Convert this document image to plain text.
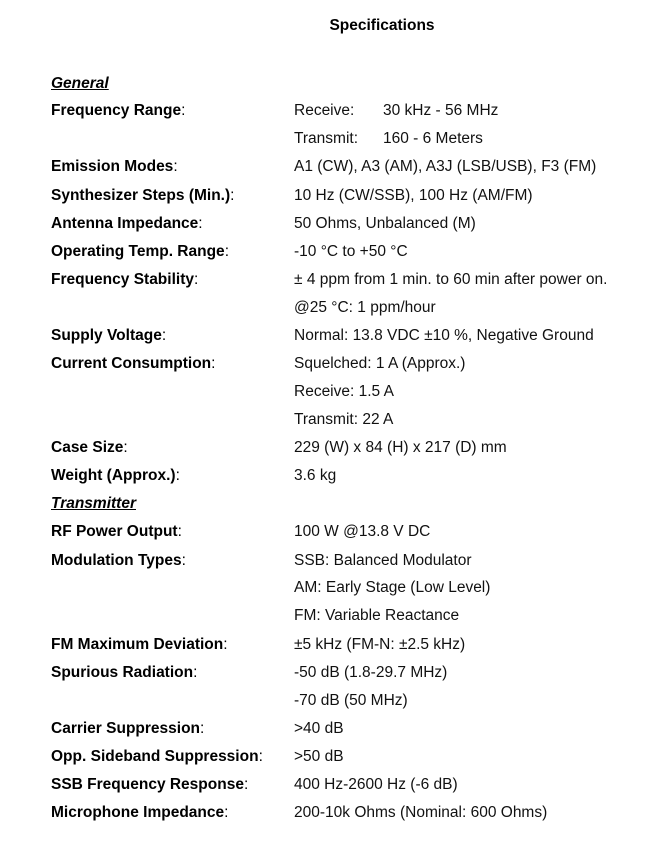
Specifications
General
Frequency Range:	Receive: 30 kHz - 56 MHz
Transmit: 160 - 6 Meters
Emission Modes:	A1 (CW), A3 (AM), A3J (LSB/USB), F3 (FM)
Synthesizer Steps (Min.):	10 Hz (CW/SSB), 100 Hz (AM/FM)
Antenna Impedance:	50 Ohms, Unbalanced (M)
Operating Temp. Range:	-10 °C to +50 °C
Frequency Stability:	± 4 ppm from 1 min. to 60 min after power on.
@25 °C: 1 ppm/hour
Supply Voltage:	Normal: 13.8 VDC ±10 %, Negative Ground
Current Consumption:	Squelched: 1 A (Approx.)
Receive: 1.5 A
Transmit: 22 A
Case Size:	229 (W) x 84 (H) x 217 (D) mm
Weight (Approx.):	3.6 kg
Transmitter
RF Power Output:	100 W @13.8 V DC
Modulation Types:	SSB: Balanced Modulator
AM: Early Stage (Low Level)
FM: Variable Reactance
FM Maximum Deviation:	±5 kHz (FM-N: ±2.5 kHz)
Spurious Radiation:	-50 dB (1.8-29.7 MHz)
-70 dB (50 MHz)
Carrier Suppression:	>40 dB
Opp. Sideband Suppression: >50 dB
SSB Frequency Response:	400 Hz-2600 Hz (-6 dB)
Microphone Impedance:	200-10k Ohms (Nominal: 600 Ohms)
